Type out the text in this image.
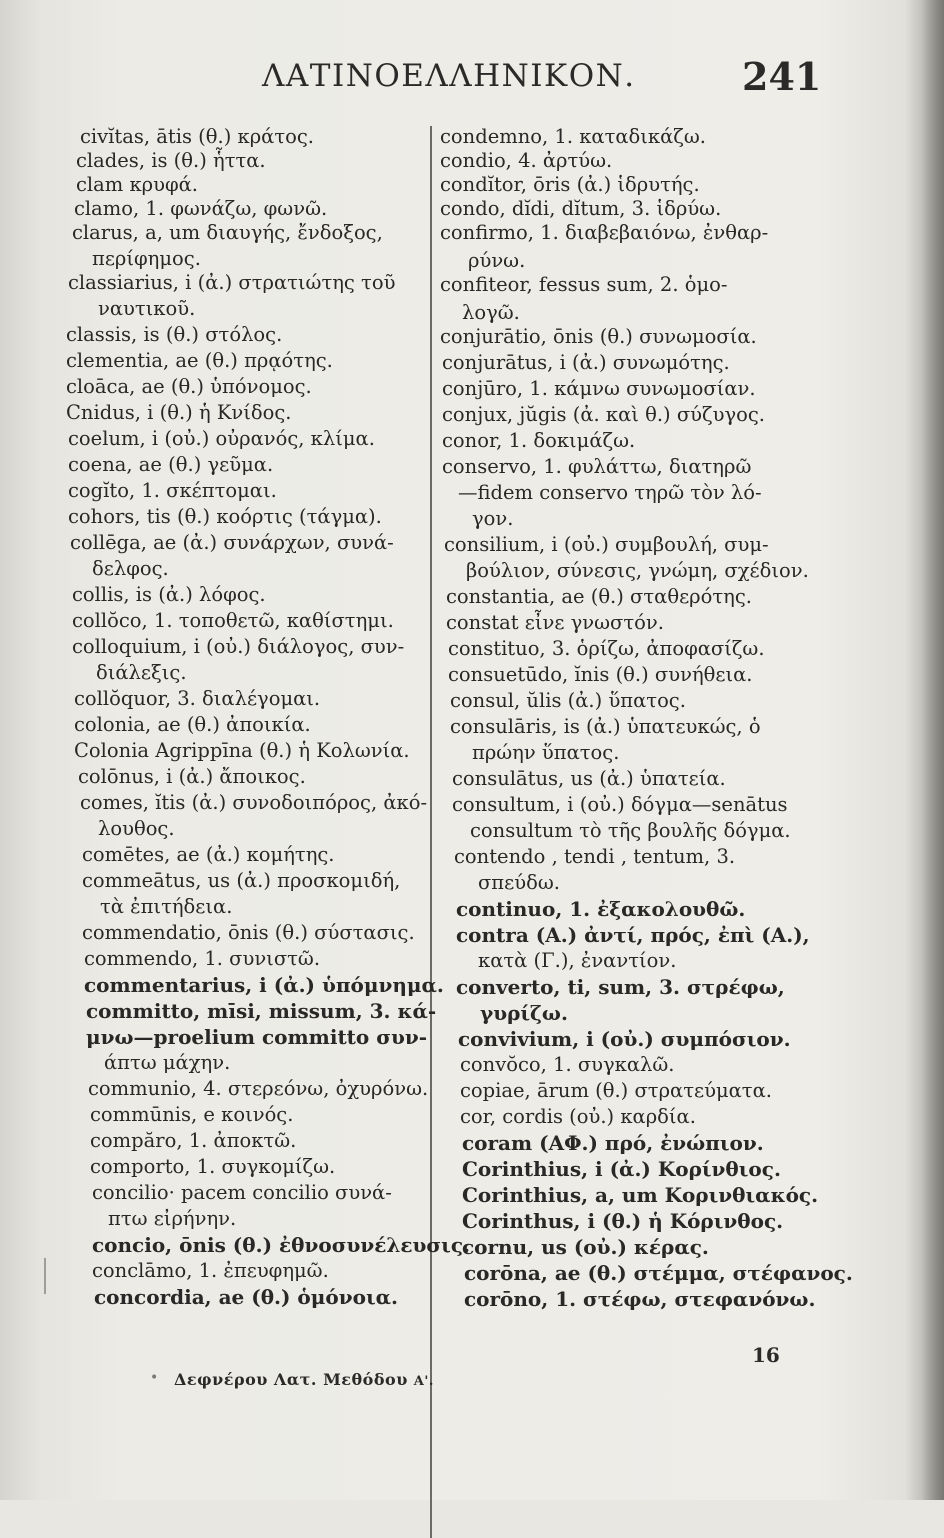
ΛΑΤΙΝΟΕΛΛΗΝΙΚΟΝ.	241
civĭtas, ātis (θ.) κράτος.
clades, is (θ.) ἧττα.
clam κρυφά.
clamo, 1. φωνάζω, φωνῶ.
clarus, a, um διαυγής, ἔνδοξος,
περίφημος.
classiarius, i (ἀ.) στρατιώτης τοῦ
ναυτικοῦ.
classis, is (θ.) στόλος.
clementia, ae (θ.) πρᾳότης.
cloāca, ae (θ.) ὑπόνομος.
Cnidus, i (θ.) ἡ Κνίδος.
coelum, i (οὐ.) οὐρανός, κλίμα.
coena, ae (θ.) γεῦμα.
cogĭto, 1. σκέπτομαι.
cohors, tis (θ.) κοόρτις (τάγμα).
collēga, ae (ἀ.) συνάρχων, συνά-
δελφος.
collis, is (ἀ.) λόφος.
collŏco, 1. τοποθετῶ, καθίστημι.
colloquium, i (οὐ.) διάλογος, συν-
διάλεξις.
collŏquor, 3. διαλέγομαι.
colonia, ae (θ.) ἀποικία.
Colonia Agrippīna (θ.) ἡ Κολωνία.
colōnus, i (ἀ.) ἄποικος.
comes, ĭtis (ἀ.) συνοδοιπόρος, ἀκό-
λουθος.
comētes, ae (ἀ.) κομήτης.
commeātus, us (ἀ.) προσκομιδή,
τὰ ἐπιτήδεια.
commendatio, ōnis (θ.) σύστασις.
commendo, 1. συνιστῶ.
commentarius, i (ἀ.) ὑπόμνημα.
committo, mīsi, missum, 3. κά-
μνω—proelium committo συν-
άπτω μάχην.
communio, 4. στερεόνω, ὀχυρόνω.
commūnis, e κοινός.
compăro, 1. ἀποκτῶ.
comporto, 1. συγκομίζω.
concilio· pacem concilio συνά-
πτω εἰρήνην.
concio, ōnis (θ.) ἐθνοσυνέλευσις.
conclāmo, 1. ἐπευφημῶ.
concordia, ae (θ.) ὁμόνοια.
condemno, 1. καταδικάζω.
condio, 4. ἀρτύω.
condĭtor, ōris (ἀ.) ἱδρυτής.
condo, dĭdi, dĭtum, 3. ἱδρύω.
confirmo, 1. διαβεβαιόνω, ἐνθαρ-
ρύνω.
confiteor, fessus sum, 2. ὁμο-
λογῶ.
conjurātio, ōnis (θ.) συνωμοσία.
conjurātus, i (ἀ.) συνωμότης.
conjūro, 1. κάμνω συνωμοσίαν.
conjux, jŭgis (ἀ. καὶ θ.) σύζυγος.
conor, 1. δοκιμάζω.
conservo, 1. φυλάττω, διατηρῶ
—fidem conservo τηρῶ τὸν λό-
γον.
consilium, i (οὐ.) συμβουλή, συμ-
βούλιον, σύνεσις, γνώμη, σχέδιον.
constantia, ae (θ.) σταθερότης.
constat εἶνε γνωστόν.
constituo, 3. ὁρίζω, ἀποφασίζω.
consuetūdo, ĭnis (θ.) συνήθεια.
consul, ŭlis (ἀ.) ὕπατος.
consulāris, is (ἀ.) ὑπατευκώς, ὁ
πρώην ὕπατος.
consulātus, us (ἀ.) ὑπατεία.
consultum, i (οὐ.) δόγμα—senātus
consultum τὸ τῆς βουλῆς δόγμα.
contendo , tendi , tentum, 3.
σπεύδω.
continuo, 1. ἐξακολουθῶ.
contra (Α.) ἀντί, πρός, ἐπὶ (Α.),
κατὰ (Γ.), ἐναντίον.
converto, ti, sum, 3. στρέφω,
γυρίζω.
convivium, i (οὐ.) συμπόσιον.
convŏco, 1. συγκαλῶ.
copiae, ārum (θ.) στρατεύματα.
cor, cordis (οὐ.) καρδία.
coram (ΑΦ.) πρό, ἐνώπιον.
Corinthius, i (ἀ.) Κορίνθιος.
Corinthius, a, um Κορινθιακός.
Corinthus, i (θ.) ἡ Κόρινθος.
cornu, us (οὐ.) κέρας.
corōna, ae (θ.) στέμμα, στέφανος.
corōno, 1. στέφω, στεφανόνω.
• Δεφνέρου Λατ. Μεθόδου Α'.
16
